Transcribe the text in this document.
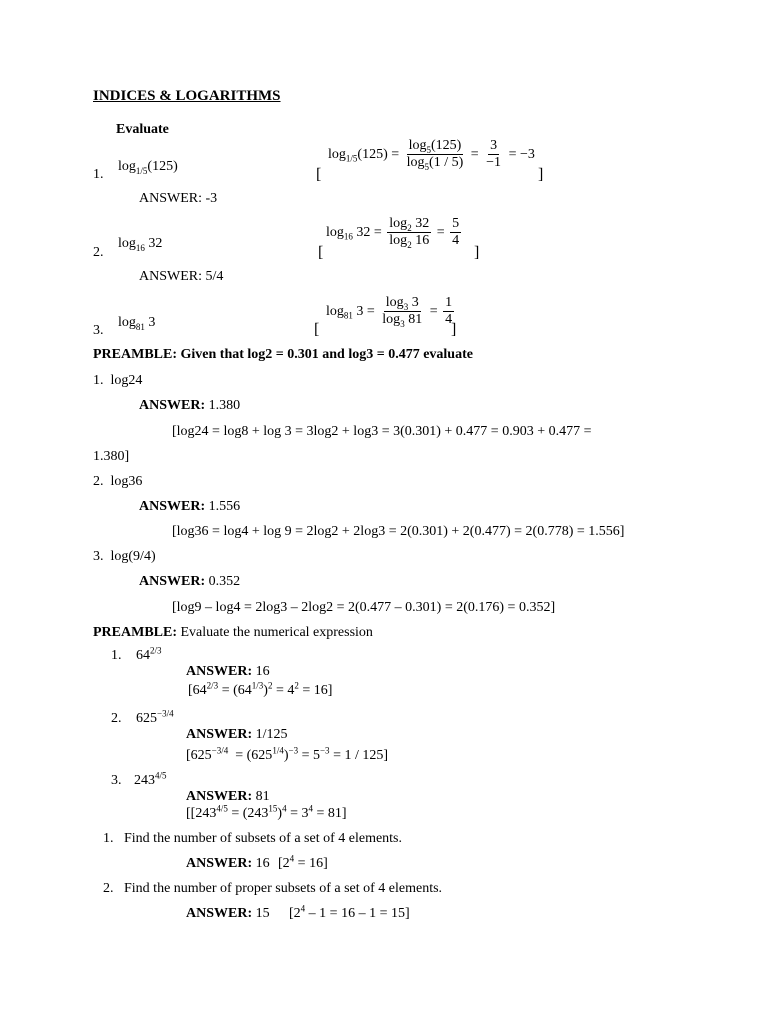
INDICES & LOGARITHMS
Evaluate
1.
$\log_{1/5}(125)$	[
$\log_{1/5}(125) = \frac{\log_5(125)}{\log_5(1 / 5)} = \frac{3}{-1} = -3$
]
ANSWER: -3
2.
$\log_{16} 32$
[
$\log_{16} 32 = \frac{\log_2 32}{\log_2 16} = \frac{5}{4}$
]
ANSWER: 5/4
3.
$\log_{81} 3$	[
$\log_{81} 3 = \frac{\log_3 3}{\log_3 81} = \frac{1}{4}$
]
PREAMBLE: Given that log2 = 0.301 and log3 = 0.477 evaluate
1. log24
ANSWER: 1.380
[log24 = log8 + log 3 = 3log2 + log3 = 3(0.301) + 0.477 = 0.903 + 0.477 =
1.380]
2. log36
ANSWER: 1.556
[log36 = log4 + log 9 = 2log2 + 2log3 = 2(0.301) + 2(0.477) = 2(0.778) = 1.556]
3. log(9/4)
ANSWER: 0.352
[log9 – log4 = 2log3 – 2log2 = 2(0.477 – 0.301) = 2(0.176) = 0.352]
PREAMBLE: Evaluate the numerical expression
1. $64^{2/3}$
ANSWER: 16
$[64^{2/3} = (64^{1/3})^2 = 4^2 = 16]$
2. $625^{-3/4}$
ANSWER: 1/125
$[625^{-3/4} = (625^{1/4})^{-3} = 5^{-3} = 1 / 125]$
3. $243^{4/5}$
ANSWER: 81
[$[243^{4/5} = (243^{15})^4 = 3^4 = 81]$
1. Find the number of subsets of a set of 4 elements.
ANSWER: 16 $[2^4 = 16]$
2. Find the number of proper subsets of a set of 4 elements.
ANSWER: 15 $[2^4 - 1 = 16 - 1 = 15]$
